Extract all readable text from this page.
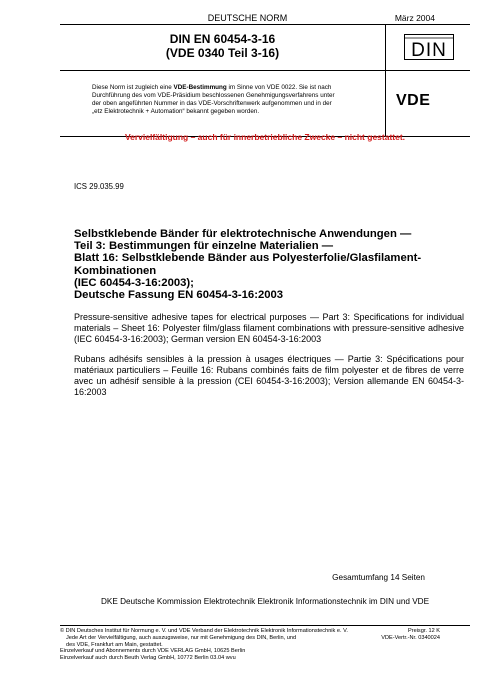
DEUTSCHE NORM	März 2004
DIN EN 60454-3-16
(VDE 0340 Teil 3-16)	DIN
Diese Norm ist zugleich eine VDE-Bestimmung im Sinne von VDE 0022. Sie ist nach
Durchführung des vom VDE-Präsidium beschlossenen Genehmigungsverfahrens unter
der oben angeführten Nummer in das VDE-Vorschriftenwerk aufgenommen und in der
„etz Elektrotechnik + Automation“ bekannt gegeben worden.
VDE
Vervielfältigung – auch für innerbetriebliche Zwecke – nicht gestattet.
ICS 29.035.99
Selbstklebende Bänder für elektrotechnische Anwendungen —
Teil 3: Bestimmungen für einzelne Materialien —
Blatt 16: Selbstklebende Bänder aus Polyesterfolie/Glasfilament-
Kombinationen
(IEC 60454-3-16:2003);
Deutsche Fassung EN 60454-3-16:2003
Pressure-sensitive adhesive tapes for electrical purposes — Part 3: Specifications for individual materials – Sheet 16: Polyester film/glass filament combinations with pressure-sensitive adhesive (IEC 60454-3-16:2003); German version EN 60454-3-16:2003
Rubans adhésifs sensibles à la pression à usages électriques — Partie 3: Spécifications pour matériaux particuliers – Feuille 16: Rubans combinés faits de film polyester et de fibres de verre avec un adhésif sensible à la pression (CEI 60454-3-16:2003); Version allemande EN 60454-3-16:2003
Gesamtumfang 14 Seiten
DKE Deutsche Kommission Elektrotechnik Elektronik Informationstechnik im DIN und VDE
© DIN Deutsches Institut für Normung e. V. und VDE Verband der Elektrotechnik Elektronik Informationstechnik e. V.
Jede Art der Vervielfältigung, auch auszugsweise, nur mit Genehmigung des DIN, Berlin, und
des VDE, Frankfurt am Main, gestattet.
Einzelverkauf und Abonnements durch VDE VERLAG GmbH, 10625 Berlin
Einzelverkauf auch durch Beuth Verlag GmbH, 10772 Berlin 03.04 wvu
Preisgr. 12 K
VDE-Vertr.-Nr. 0340024
